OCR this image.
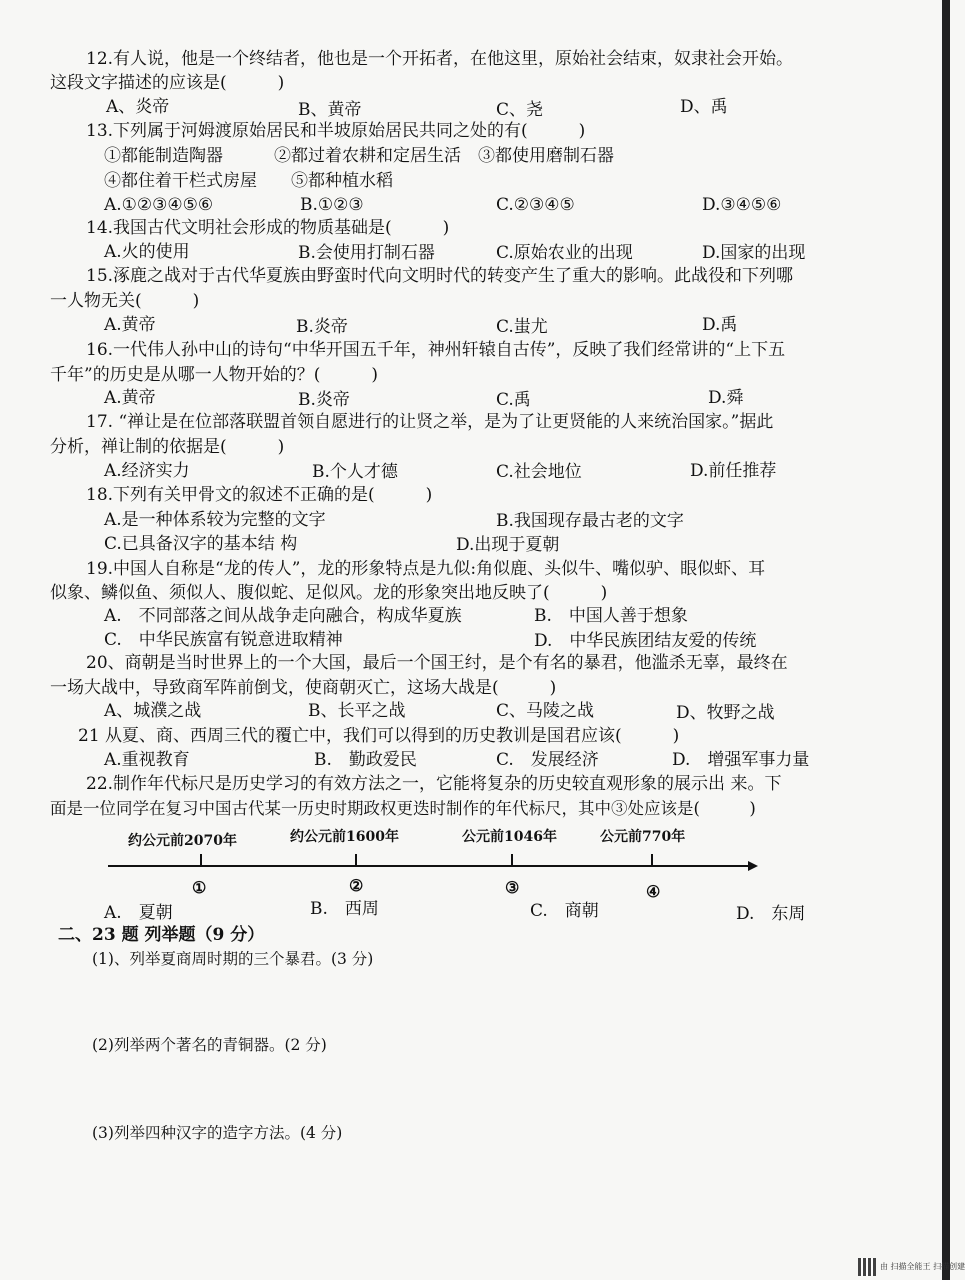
12.有人说，他是一个终结者，他也是一个开拓者，在他这里，原始社会结束，奴隶社会开始。
这段文字描述的应该是(　　　)
A、炎帝	B、黄帝	C、尧	D、禹
13.下列属于河姆渡原始居民和半坡原始居民共同之处的有(　　　)
①都能制造陶器　　　②都过着农耕和定居生活　③都使用磨制石器
④都住着干栏式房屋　　⑤都种植水稻
A.①②③④⑤⑥	B.①②③	C.②③④⑤	D.③④⑤⑥
14.我国古代文明社会形成的物质基础是(　　　)
A.火的使用	B.会使用打制石器	C.原始农业的出现	D.国家的出现
15.涿鹿之战对于古代华夏族由野蛮时代向文明时代的转变产生了重大的影响。此战役和下列哪
一人物无关(　　　)
A.黄帝	B.炎帝	C.蚩尤	D.禹
16.一代伟人孙中山的诗句“中华开国五千年，神州轩辕自古传”，反映了我们经常讲的“上下五
千年”的历史是从哪一人物开始的？(　　　)
A.黄帝	B.炎帝	C.禹	D.舜
17. “禅让是在位部落联盟首领自愿进行的让贤之举，是为了让更贤能的人来统治国家。”据此
分析，禅让制的依据是(　　　)
A.经济实力	B.个人才德	C.社会地位	D.前任推荐
18.下列有关甲骨文的叙述不正确的是(　　　)
A.是一种体系较为完整的文字	B.我国现存最古老的文字
C.已具备汉字的基本结 构	D.出现于夏朝
19.中国人自称是“龙的传人”，龙的形象特点是九似:角似鹿、头似牛、嘴似驴、眼似虾、耳
似象、鳞似鱼、须似人、腹似蛇、足似风。龙的形象突出地反映了(　　　)
A.　不同部落之间从战争走向融合，构成华夏族	B.　中国人善于想象
C.　中华民族富有锐意进取精神	D.　中华民族团结友爱的传统
20、商朝是当时世界上的一个大国，最后一个国王纣，是个有名的暴君，他滥杀无辜，最终在
一场大战中，导致商军阵前倒戈，使商朝灭亡，这场大战是(　　　)
A、城濮之战	B、长平之战	C、马陵之战	D、牧野之战
21 从夏、商、西周三代的覆亡中，我们可以得到的历史教训是国君应该(　　　)
A.重视教育	B.　勤政爱民	C.　发展经济	D.　增强军事力量
22.制作年代标尺是历史学习的有效方法之一，它能将复杂的历史较直观形象的展示出 来。下
面是一位同学在复习中国古代某一历史时期政权更迭时制作的年代标尺，其中③处应该是(　　　)
约公元前2070年	约公元前1600年	公元前1046年	公元前770年
①	②	③	④
A.　夏朝	B.　西周	C.　商朝	D.　东周
二、23 题 列举题（9 分）
(1)、列举夏商周时期的三个暴君。(3 分)
(2)列举两个著名的青铜器。(2 分)
(3)列举四种汉字的造字方法。(4 分)
由 扫描全能王 扫描创建
